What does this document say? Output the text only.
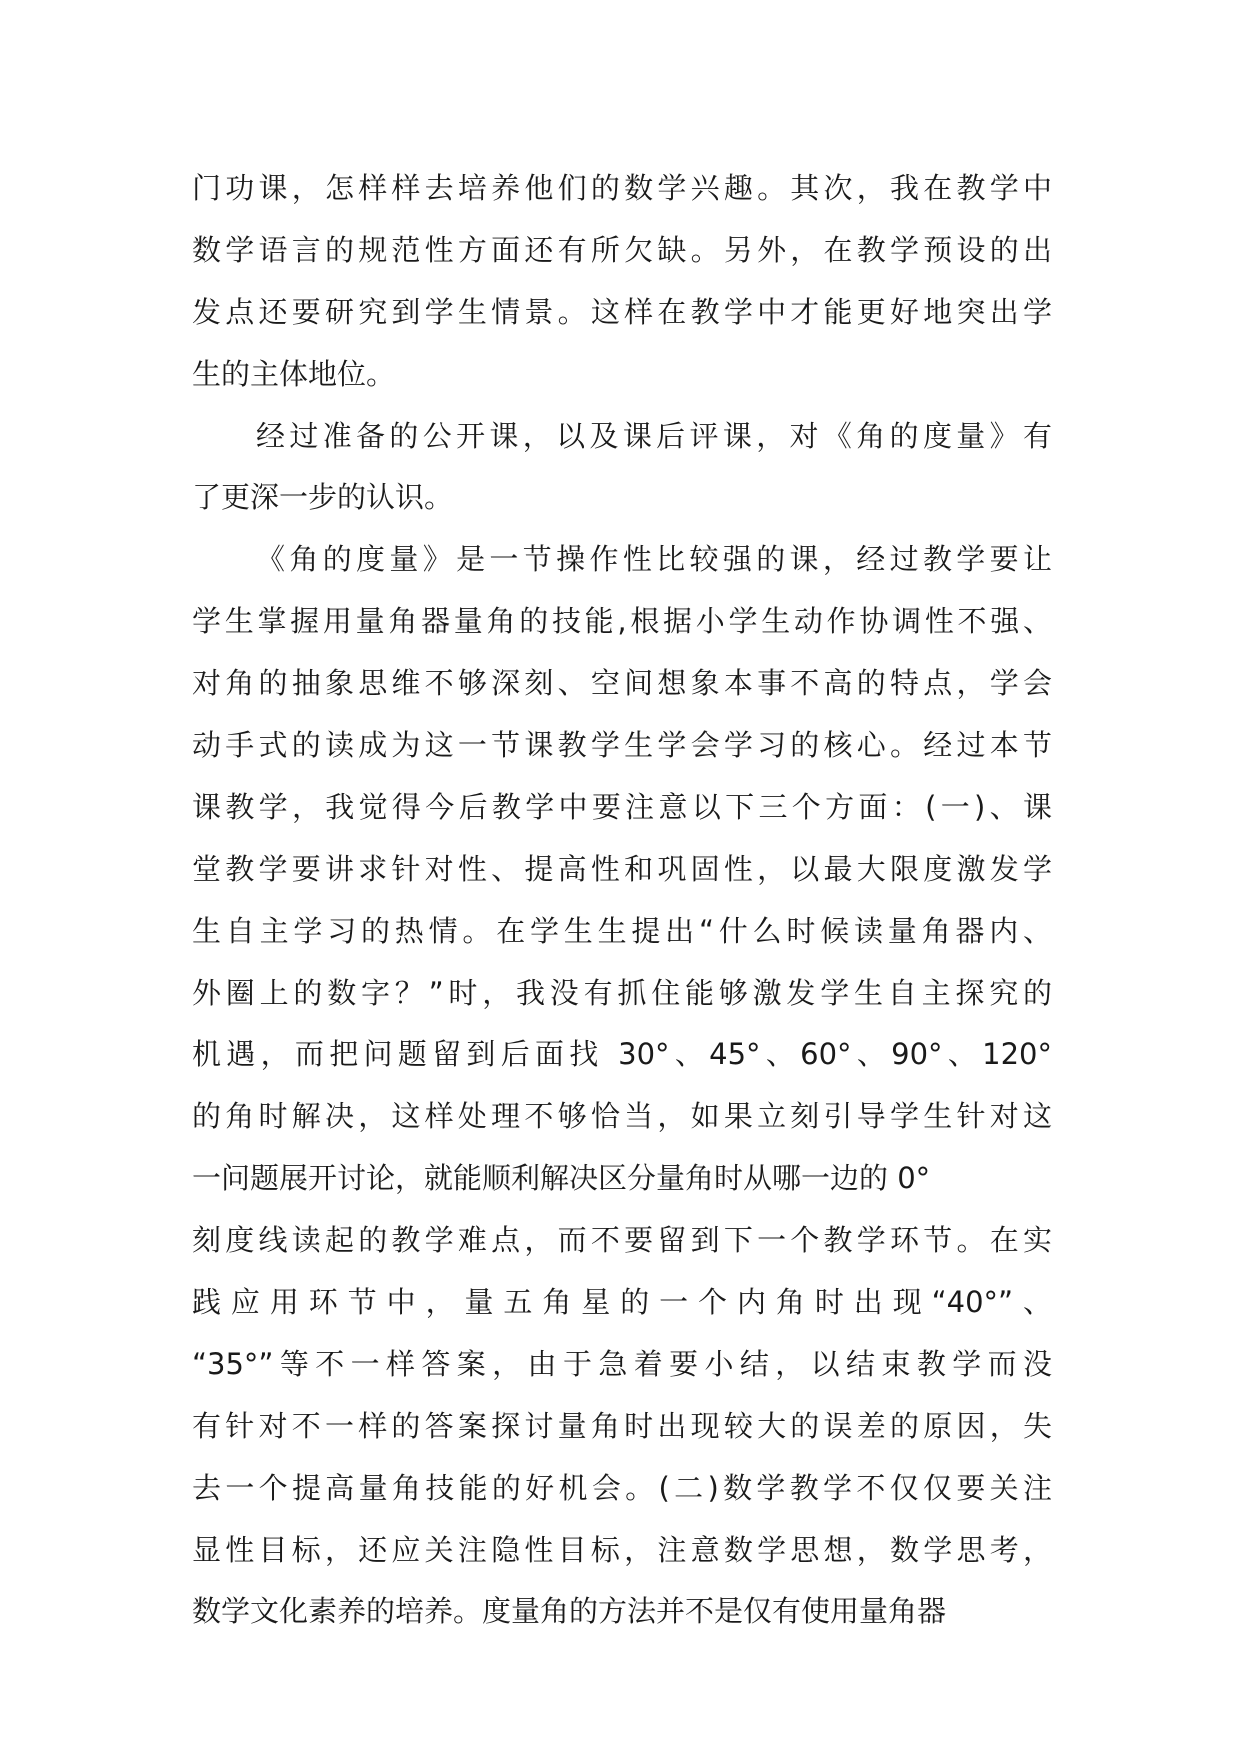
门功课，怎样样去培养他们的数学兴趣。其次，我在教学中
数学语言的规范性方面还有所欠缺。另外，在教学预设的出
发点还要研究到学生情景。这样在教学中才能更好地突出学
生的主体地位。
经过准备的公开课，以及课后评课，对《角的度量》有
了更深一步的认识。
《角的度量》是一节操作性比较强的课，经过教学要让
学生掌握用量角器量角的技能,根据小学生动作协调性不强、
对角的抽象思维不够深刻、空间想象本事不高的特点，学会
动手式的读成为这一节课教学生学会学习的核心。经过本节
课教学，我觉得今后教学中要注意以下三个方面：(一)、课
堂教学要讲求针对性、提高性和巩固性，以最大限度激发学
生自主学习的热情。在学生生提出“什么时候读量角器内、
外圈上的数字？”时，我没有抓住能够激发学生自主探究的
机遇，而把问题留到后面找 30°、45°、60°、90°、120°
的角时解决，这样处理不够恰当，如果立刻引导学生针对这
一问题展开讨论，就能顺利解决区分量角时从哪一边的 0°
刻度线读起的教学难点，而不要留到下一个教学环节。在实
践应用环节中，量五角星的一个内角时出现“40°”、
“35°”等不一样答案，由于急着要小结，以结束教学而没
有针对不一样的答案探讨量角时出现较大的误差的原因，失
去一个提高量角技能的好机会。(二)数学教学不仅仅要关注
显性目标，还应关注隐性目标，注意数学思想，数学思考，
数学文化素养的培养。度量角的方法并不是仅有使用量角器
